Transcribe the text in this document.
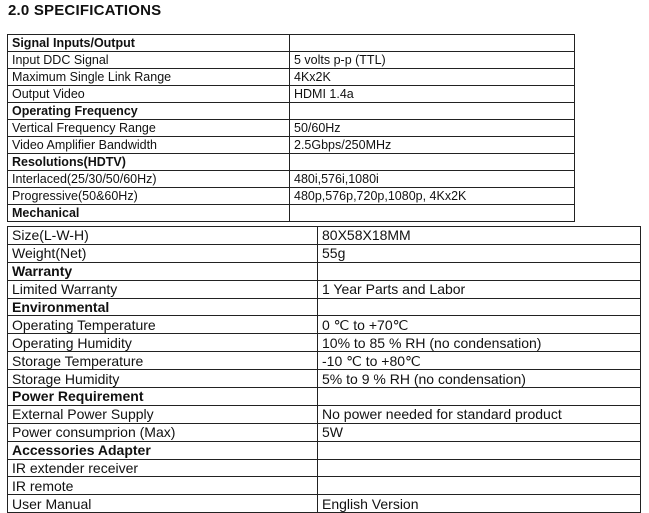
2.0 SPECIFICATIONS
Signal Inputs/Output	
Input DDC Signal	5 volts p-p (TTL)
Maximum Single Link Range	4Kx2K
Output Video	HDMI 1.4a
Operating Frequency	
Vertical Frequency Range	50/60Hz
Video Amplifier Bandwidth	2.5Gbps/250MHz
Resolutions(HDTV)	
Interlaced(25/30/50/60Hz)	480i,576i,1080i
Progressive(50&60Hz)	480p,576p,720p,1080p, 4Kx2K
Mechanical	
Size(L-W-H)	80X58X18MM
Weight(Net)	55g
Warranty	
Limited Warranty	1 Year Parts and Labor
Environmental	
Operating Temperature	0 ℃ to +70℃
Operating Humidity	10% to 85 % RH (no condensation)
Storage Temperature	-10 ℃ to +80℃
Storage Humidity	5% to 9 % RH (no condensation)
Power Requirement	
External Power Supply	No power needed for standard product
Power consumprion (Max)	5W
Accessories Adapter	
IR extender receiver	
IR remote	
User Manual	English Version
